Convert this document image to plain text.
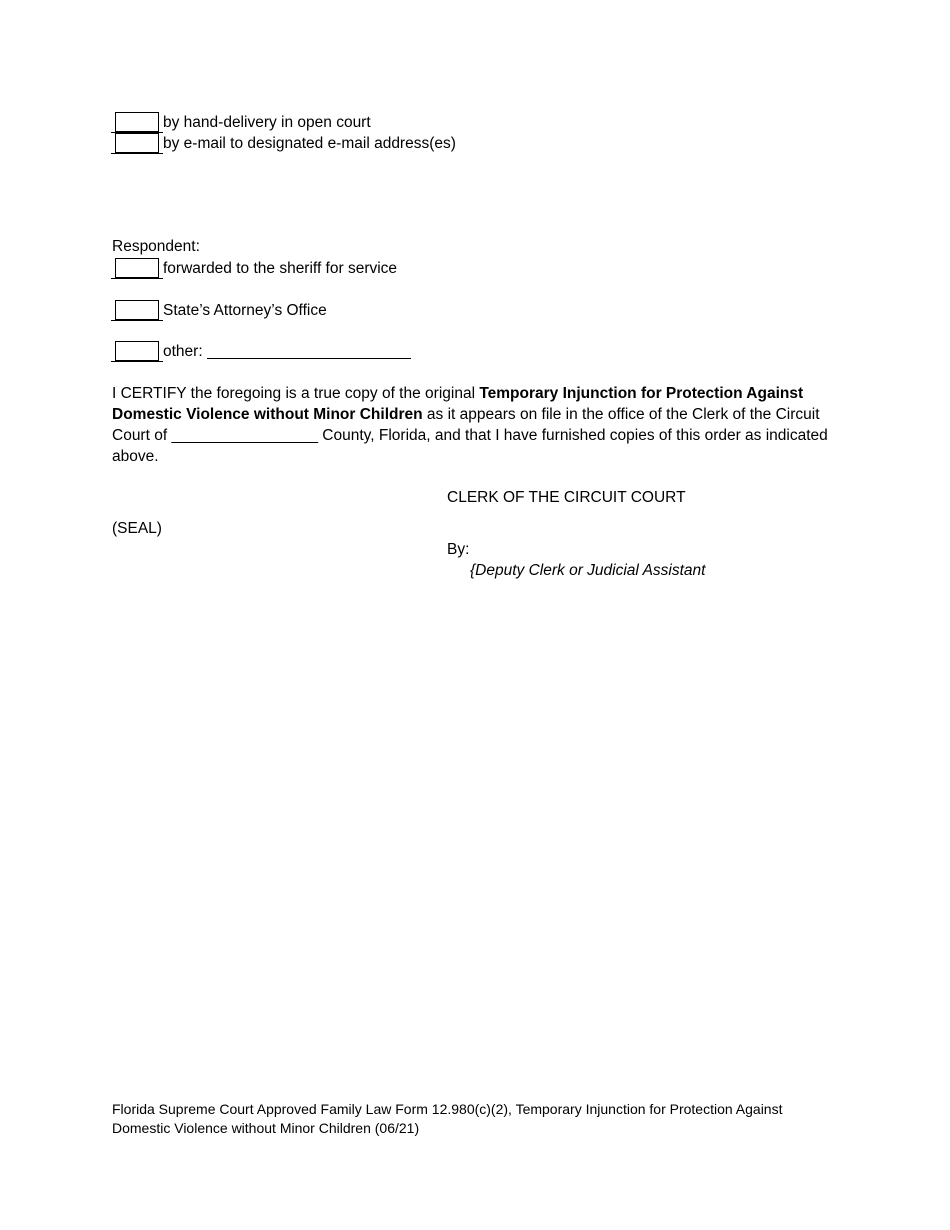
by hand-delivery in open court
by e-mail to designated e-mail address(es)
Respondent:
forwarded to the sheriff for service
State’s Attorney’s Office
other:
I CERTIFY the foregoing is a true copy of the original Temporary Injunction for Protection Against Domestic Violence without Minor Children as it appears on file in the office of the Clerk of the Circuit Court of _________________ County, Florida, and that I have furnished copies of this order as indicated above.
CLERK OF THE CIRCUIT COURT
(SEAL)
By:
{Deputy Clerk or Judicial Assistant
Florida Supreme Court Approved Family Law Form 12.980(c)(2), Temporary Injunction for Protection Against Domestic Violence without Minor Children (06/21)
